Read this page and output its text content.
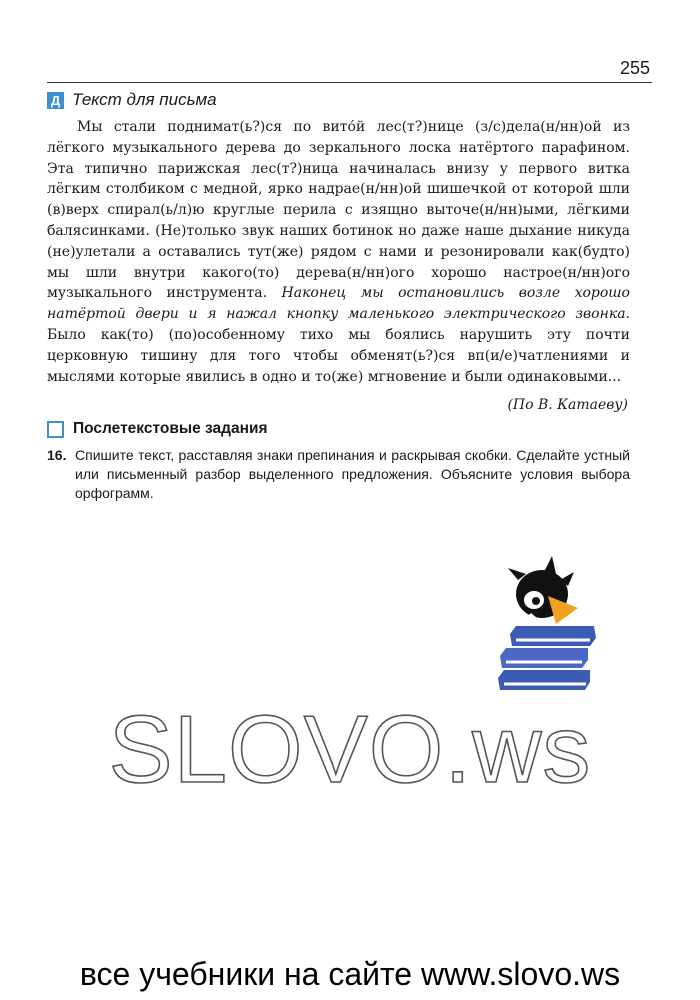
255
Д Текст для письма

Мы стали поднимат(ь?)ся по вито́й лес(т?)нице (з/с)дела(н/нн)ой из лёгкого музыкального дерева до зеркального лоска натёртого парафином. Эта типично парижская лес(т?)ница начиналась внизу у первого витка лёгким столбиком с медной, ярко надрае(н/нн)ой шишечкой от которой шли (в)верх спирал(ь/л)ю круглые перила с изящно выточе(н/нн)ыми, лёгкими балясинками. (Не)только звук наших ботинок но даже наше дыхание никуда (не)улетали а оставались тут(же) рядом с нами и резонировали как(будто) мы шли внутри какого(то) дерева(н/нн)ого хорошо настрое(н/нн)ого музыкального инструмента. Наконец мы остановились возле хорошо натёртой двери и я нажал кнопку маленького электрического звонка. Было как(то) (по)особенному тихо мы боялись нарушить эту почти церковную тишину для того чтобы обменят(ь?)ся вп(и/е)чатлениями и мыслями которые явились в одно и то(же) мгновение и были одинаковыми...

(По В. Катаеву)
Послетекстовые задания
16. Спишите текст, расставляя знаки препинания и раскрывая скобки. Сделайте устный или письменный разбор выделенного предложения. Объясните условия выбора орфограмм.
SLOVO.ws
все учебники на сайте www.slovo.ws
